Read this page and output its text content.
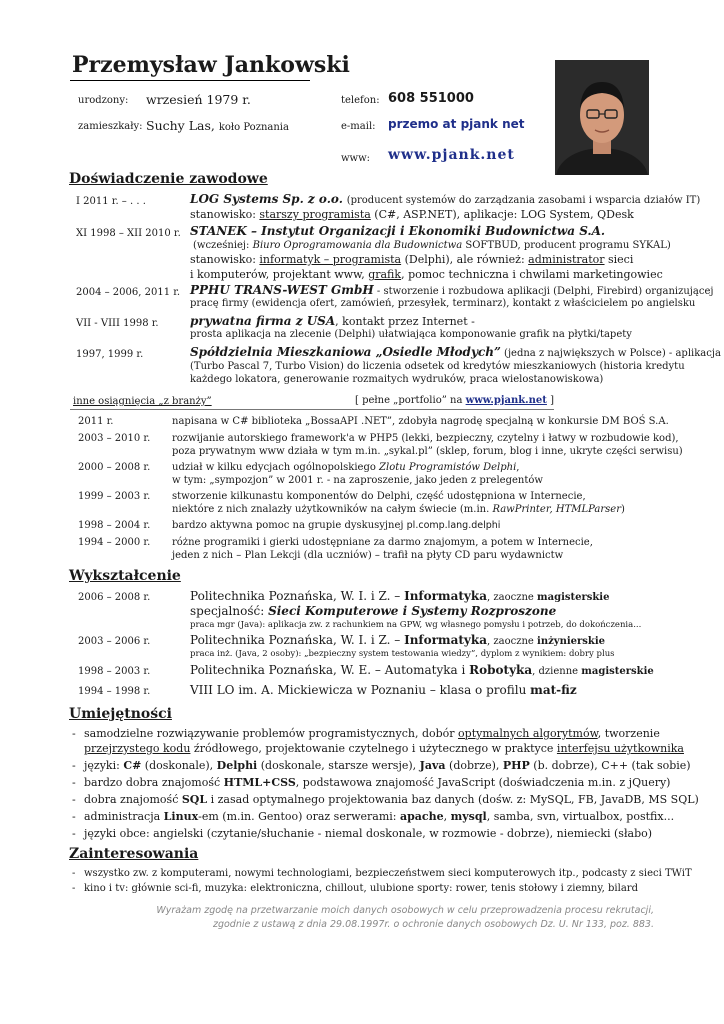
Przemysław Jankowski
urodzony: wrzesień 1979 r.
zamieszkały: Suchy Las, koło Poznania
telefon: 608 551000
e-mail: przemo at pjank net
www: www.pjank.net
Doświadczenie zawodowe
I 2011 r. – . . .	LOG Systems Sp. z o.o. (producent systemów do zarządzania zasobami i wsparcia działów IT)
stanowisko: starszy programista (C#, ASP.NET), aplikacje: LOG System, QDesk
XI 1998 – XII 2010 r. STANEK – Instytut Organizacji i Ekonomiki Budownictwa S.A.
(wcześniej: Biuro Oprogramowania dla Budownictwa SOFTBUD, producent programu SYKAL)
stanowisko: informatyk – programista (Delphi), ale również: administrator sieci
i komputerów, projektant www, grafik, pomoc techniczna i chwilami marketingowiec
2004 – 2006, 2011 r. PPHU TRANS-WEST GmbH - stworzenie i rozbudowa aplikacji (Delphi, Firebird) organizującej
pracę firmy (ewidencja ofert, zamówień, przesyłek, terminarz), kontakt z właścicielem po angielsku
VII - VIII 1998 r.	prywatna firma z USA, kontakt przez Internet -
prosta aplikacja na zlecenie (Delphi) ułatwiająca komponowanie grafik na płytki/tapety
1997, 1999 r.	Spółdzielnia Mieszkaniowa „Osiedle Młodych” (jedna z największych w Polsce) - aplikacja
(Turbo Pascal 7, Turbo Vision) do liczenia odsetek od kredytów mieszkaniowych (historia kredytu
każdego lokatora, generowanie rozmaitych wydruków, praca wielostanowiskowa)
inne osiągnięcia „z branży”	[ pełne „portfolio” na www.pjank.net ]
2011 r.	napisana w C# biblioteka „BossaAPI .NET”, zdobyła nagrodę specjalną w konkursie DM BOŚ S.A.
2003 – 2010 r. rozwijanie autorskiego framework'a w PHP5 (lekki, bezpieczny, czytelny i łatwy w rozbudowie kod),
poza prywatnym www działa w tym m.in. „sykal.pl” (sklep, forum, blog i inne, ukryte części serwisu)
2000 – 2008 r. udział w kilku edycjach ogólnopolskiego Zlotu Programistów Delphi,
w tym: „sympozjon” w 2001 r. - na zaproszenie, jako jeden z prelegentów
1999 – 2003 r. stworzenie kilkunastu komponentów do Delphi, część udostępniona w Internecie,
niektóre z nich znalazły użytkowników na całym świecie (m.in. RawPrinter, HTMLParser)
1998 – 2004 r. bardzo aktywna pomoc na grupie dyskusyjnej pl.comp.lang.delphi
1994 – 2000 r. różne programiki i gierki udostępniane za darmo znajomym, a potem w Internecie,
jeden z nich – Plan Lekcji (dla uczniów) – trafił na płyty CD paru wydawnictw
Wykształcenie
2006 – 2008 r.	Politechnika Poznańska, W. I. i Z. – Informatyka, zaoczne magisterskie
specjalność: Sieci Komputerowe i Systemy Rozproszone
praca mgr (Java): aplikacja zw. z rachunkiem na GPW, wg własnego pomysłu i potrzeb, do dokończenia...
2003 – 2006 r.	Politechnika Poznańska, W. I. i Z. – Informatyka, zaoczne inżynierskie
praca inż. (Java, 2 osoby): „bezpieczny system testowania wiedzy”, dyplom z wynikiem: dobry plus
1998 – 2003 r.	Politechnika Poznańska, W. E. – Automatyka i Robotyka, dzienne magisterskie
1994 – 1998 r.	VIII LO im. A. Mickiewicza w Poznaniu – klasa o profilu mat-fiz
Umiejętności
- samodzielne rozwiązywanie problemów programistycznych, dobór optymalnych algorytmów, tworzenie
przejrzystego kodu źródłowego, projektowanie czytelnego i użytecznego w praktyce interfejsu użytkownika
- języki: C# (doskonale), Delphi (doskonale, starsze wersje), Java (dobrze), PHP (b. dobrze), C++ (tak sobie)
- bardzo dobra znajomość HTML+CSS, podstawowa znajomość JavaScript (doświadczenia m.in. z jQuery)
- dobra znajomość SQL i zasad optymalnego projektowania baz danych (dośw. z: MySQL, FB, JavaDB, MS SQL)
- administracja Linux-em (m.in. Gentoo) oraz serwerami: apache, mysql, samba, svn, virtualbox, postfix...
- języki obce: angielski (czytanie/słuchanie - niemal doskonale, w rozmowie - dobrze), niemiecki (słabo)
Zainteresowania
- wszystko zw. z komputerami, nowymi technologiami, bezpieczeństwem sieci komputerowych itp., podcasty z sieci TWiT
- kino i tv: głównie sci-fi, muzyka: elektroniczna, chillout, ulubione sporty: rower, tenis stołowy i ziemny, bilard
Wyrażam zgodę na przetwarzanie moich danych osobowych w celu przeprowadzenia procesu rekrutacji,
zgodnie z ustawą z dnia 29.08.1997r. o ochronie danych osobowych Dz. U. Nr 133, poz. 883.
